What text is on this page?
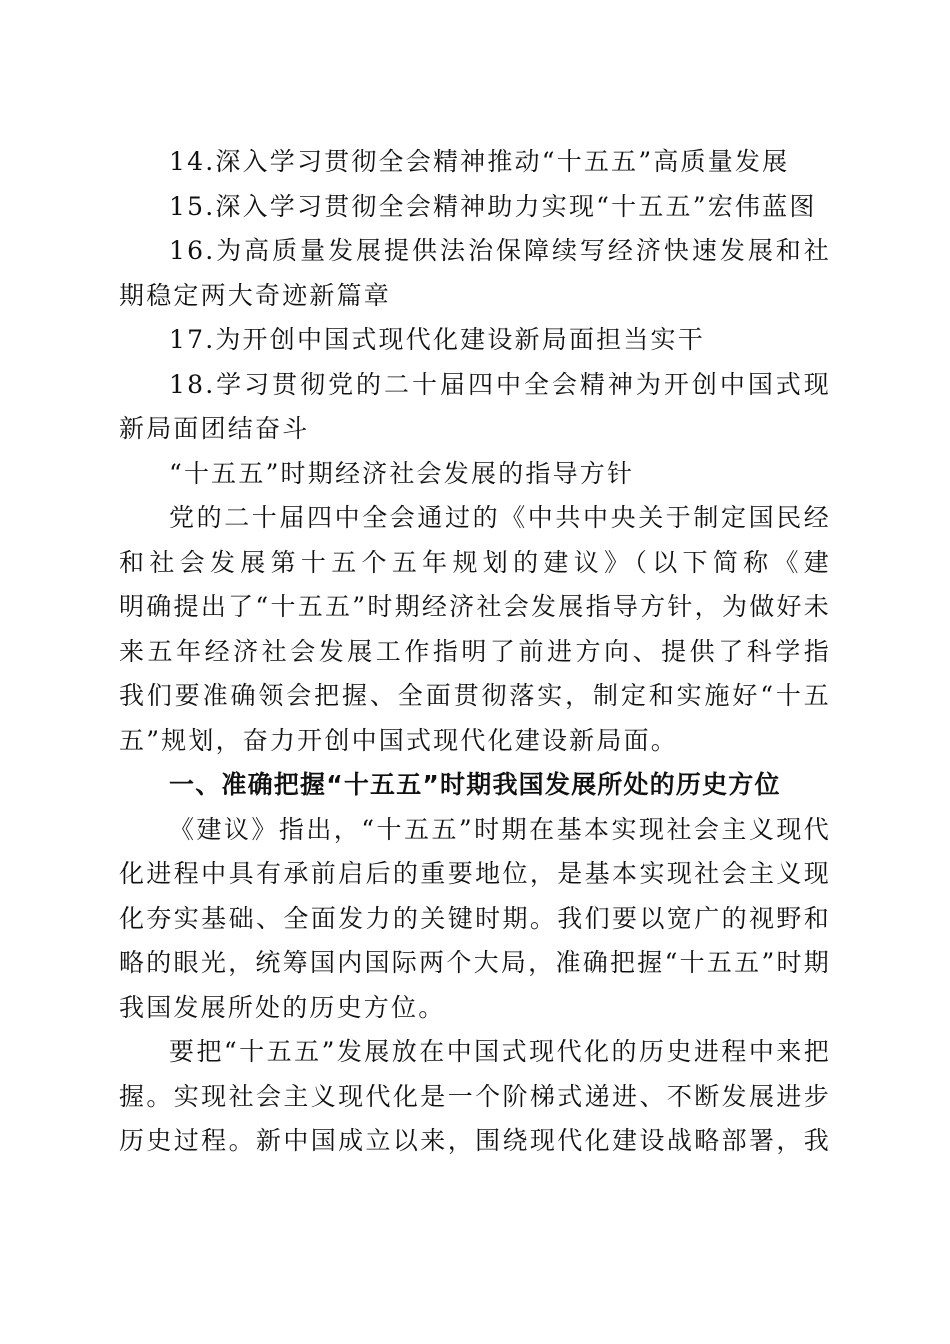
14.深入学习贯彻全会精神推动“十五五”高质量发展
15.深入学习贯彻全会精神助力实现“十五五”宏伟蓝图
16.为高质量发展提供法治保障续写经济快速发展和社
期稳定两大奇迹新篇章
17.为开创中国式现代化建设新局面担当实干
18.学习贯彻党的二十届四中全会精神为开创中国式现
新局面团结奋斗
“十五五”时期经济社会发展的指导方针
党的二十届四中全会通过的《中共中央关于制定国民经
和社会发展第十五个五年规划的建议》（以下简称《建
明确提出了“十五五”时期经济社会发展指导方针，为做好未
来五年经济社会发展工作指明了前进方向、提供了科学指
我们要准确领会把握、全面贯彻落实，制定和实施好“十五
五”规划，奋力开创中国式现代化建设新局面。
一、准确把握“十五五”时期我国发展所处的历史方位
《建议》指出，“十五五”时期在基本实现社会主义现代
化进程中具有承前启后的重要地位，是基本实现社会主义现
化夯实基础、全面发力的关键时期。我们要以宽广的视野和
略的眼光，统筹国内国际两个大局，准确把握“十五五”时期
我国发展所处的历史方位。
要把“十五五”发展放在中国式现代化的历史进程中来把
握。实现社会主义现代化是一个阶梯式递进、不断发展进步
历史过程。新中国成立以来，围绕现代化建设战略部署，我
